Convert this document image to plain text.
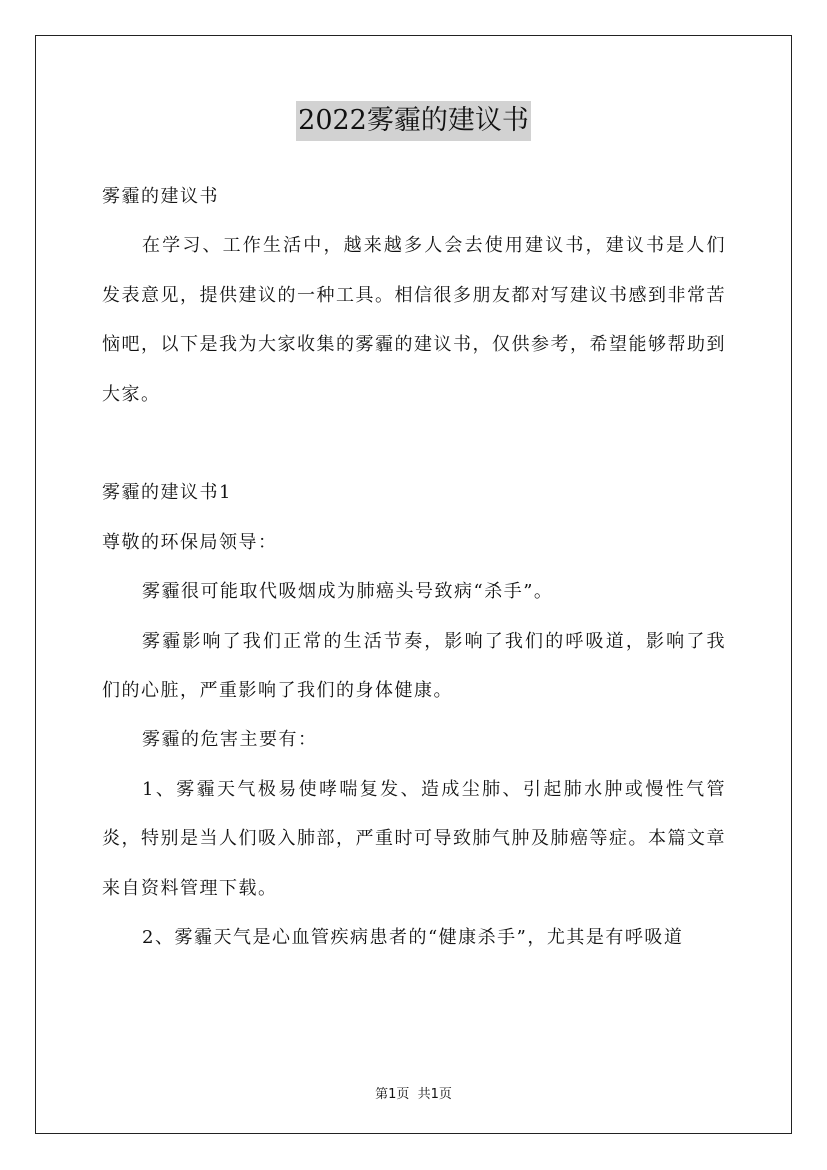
2022雾霾的建议书

雾霾的建议书

在学习、工作生活中，越来越多人会去使用建议书，建议书是人们发表意见，提供建议的一种工具。相信很多朋友都对写建议书感到非常苦恼吧，以下是我为大家收集的雾霾的建议书，仅供参考，希望能够帮助到大家。

雾霾的建议书1

尊敬的环保局领导：

雾霾很可能取代吸烟成为肺癌头号致病“杀手”。

雾霾影响了我们正常的生活节奏，影响了我们的呼吸道，影响了我们的心脏，严重影响了我们的身体健康。

雾霾的危害主要有：

1、雾霾天气极易使哮喘复发、造成尘肺、引起肺水肿或慢性气管炎，特别是当人们吸入肺部，严重时可导致肺气肿及肺癌等症。本篇文章来自资料管理下载。

2、雾霾天气是心血管疾病患者的“健康杀手”，尤其是有呼吸道

第1页  共1页
